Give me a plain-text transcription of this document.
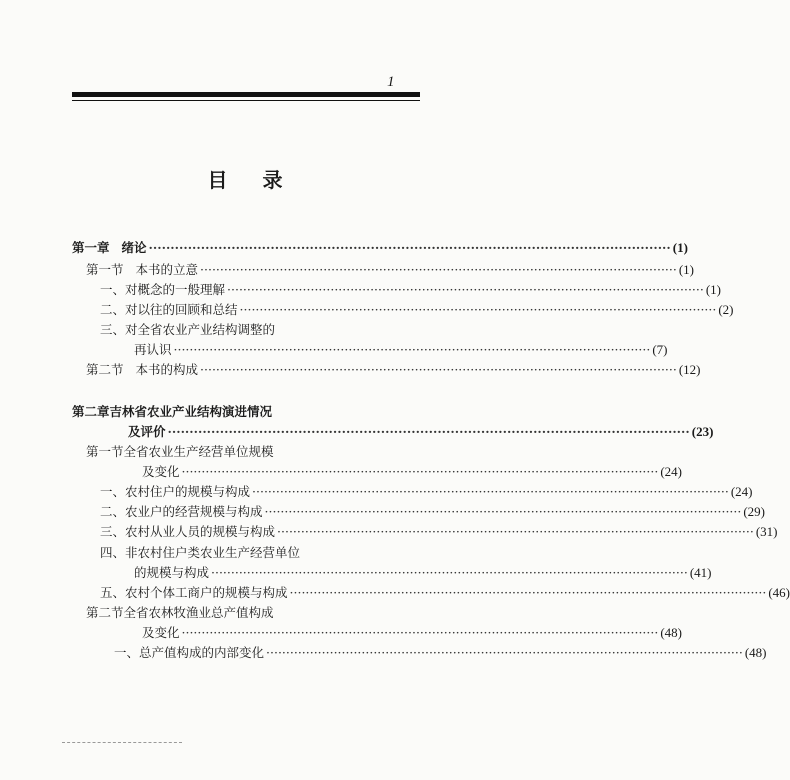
1
目 录
第一章 绪论 ························································································································ (1)
第一节 本书的立意 ························································································································ (1)
一、对概念的一般理解 ························································································································ (1)
二、对以往的回顾和总结 ························································································································ (2)
三、对全省农业产业结构调整的
再认识 ························································································································ (7)
第二节 本书的构成 ························································································································ (12)
第二章吉林省农业产业结构演进情况
及评价 ························································································································ (23)
第一节全省农业生产经营单位规模
及变化 ························································································································ (24)
一、农村住户的规模与构成 ························································································································ (24)
二、农业户的经营规模与构成 ························································································································ (29)
三、农村从业人员的规模与构成 ························································································································ (31)
四、非农村住户类农业生产经营单位
的规模与构成 ························································································································ (41)
五、农村个体工商户的规模与构成 ························································································································ (46)
第二节全省农林牧渔业总产值构成
及变化 ························································································································ (48)
一、总产值构成的内部变化 ························································································································ (48)
